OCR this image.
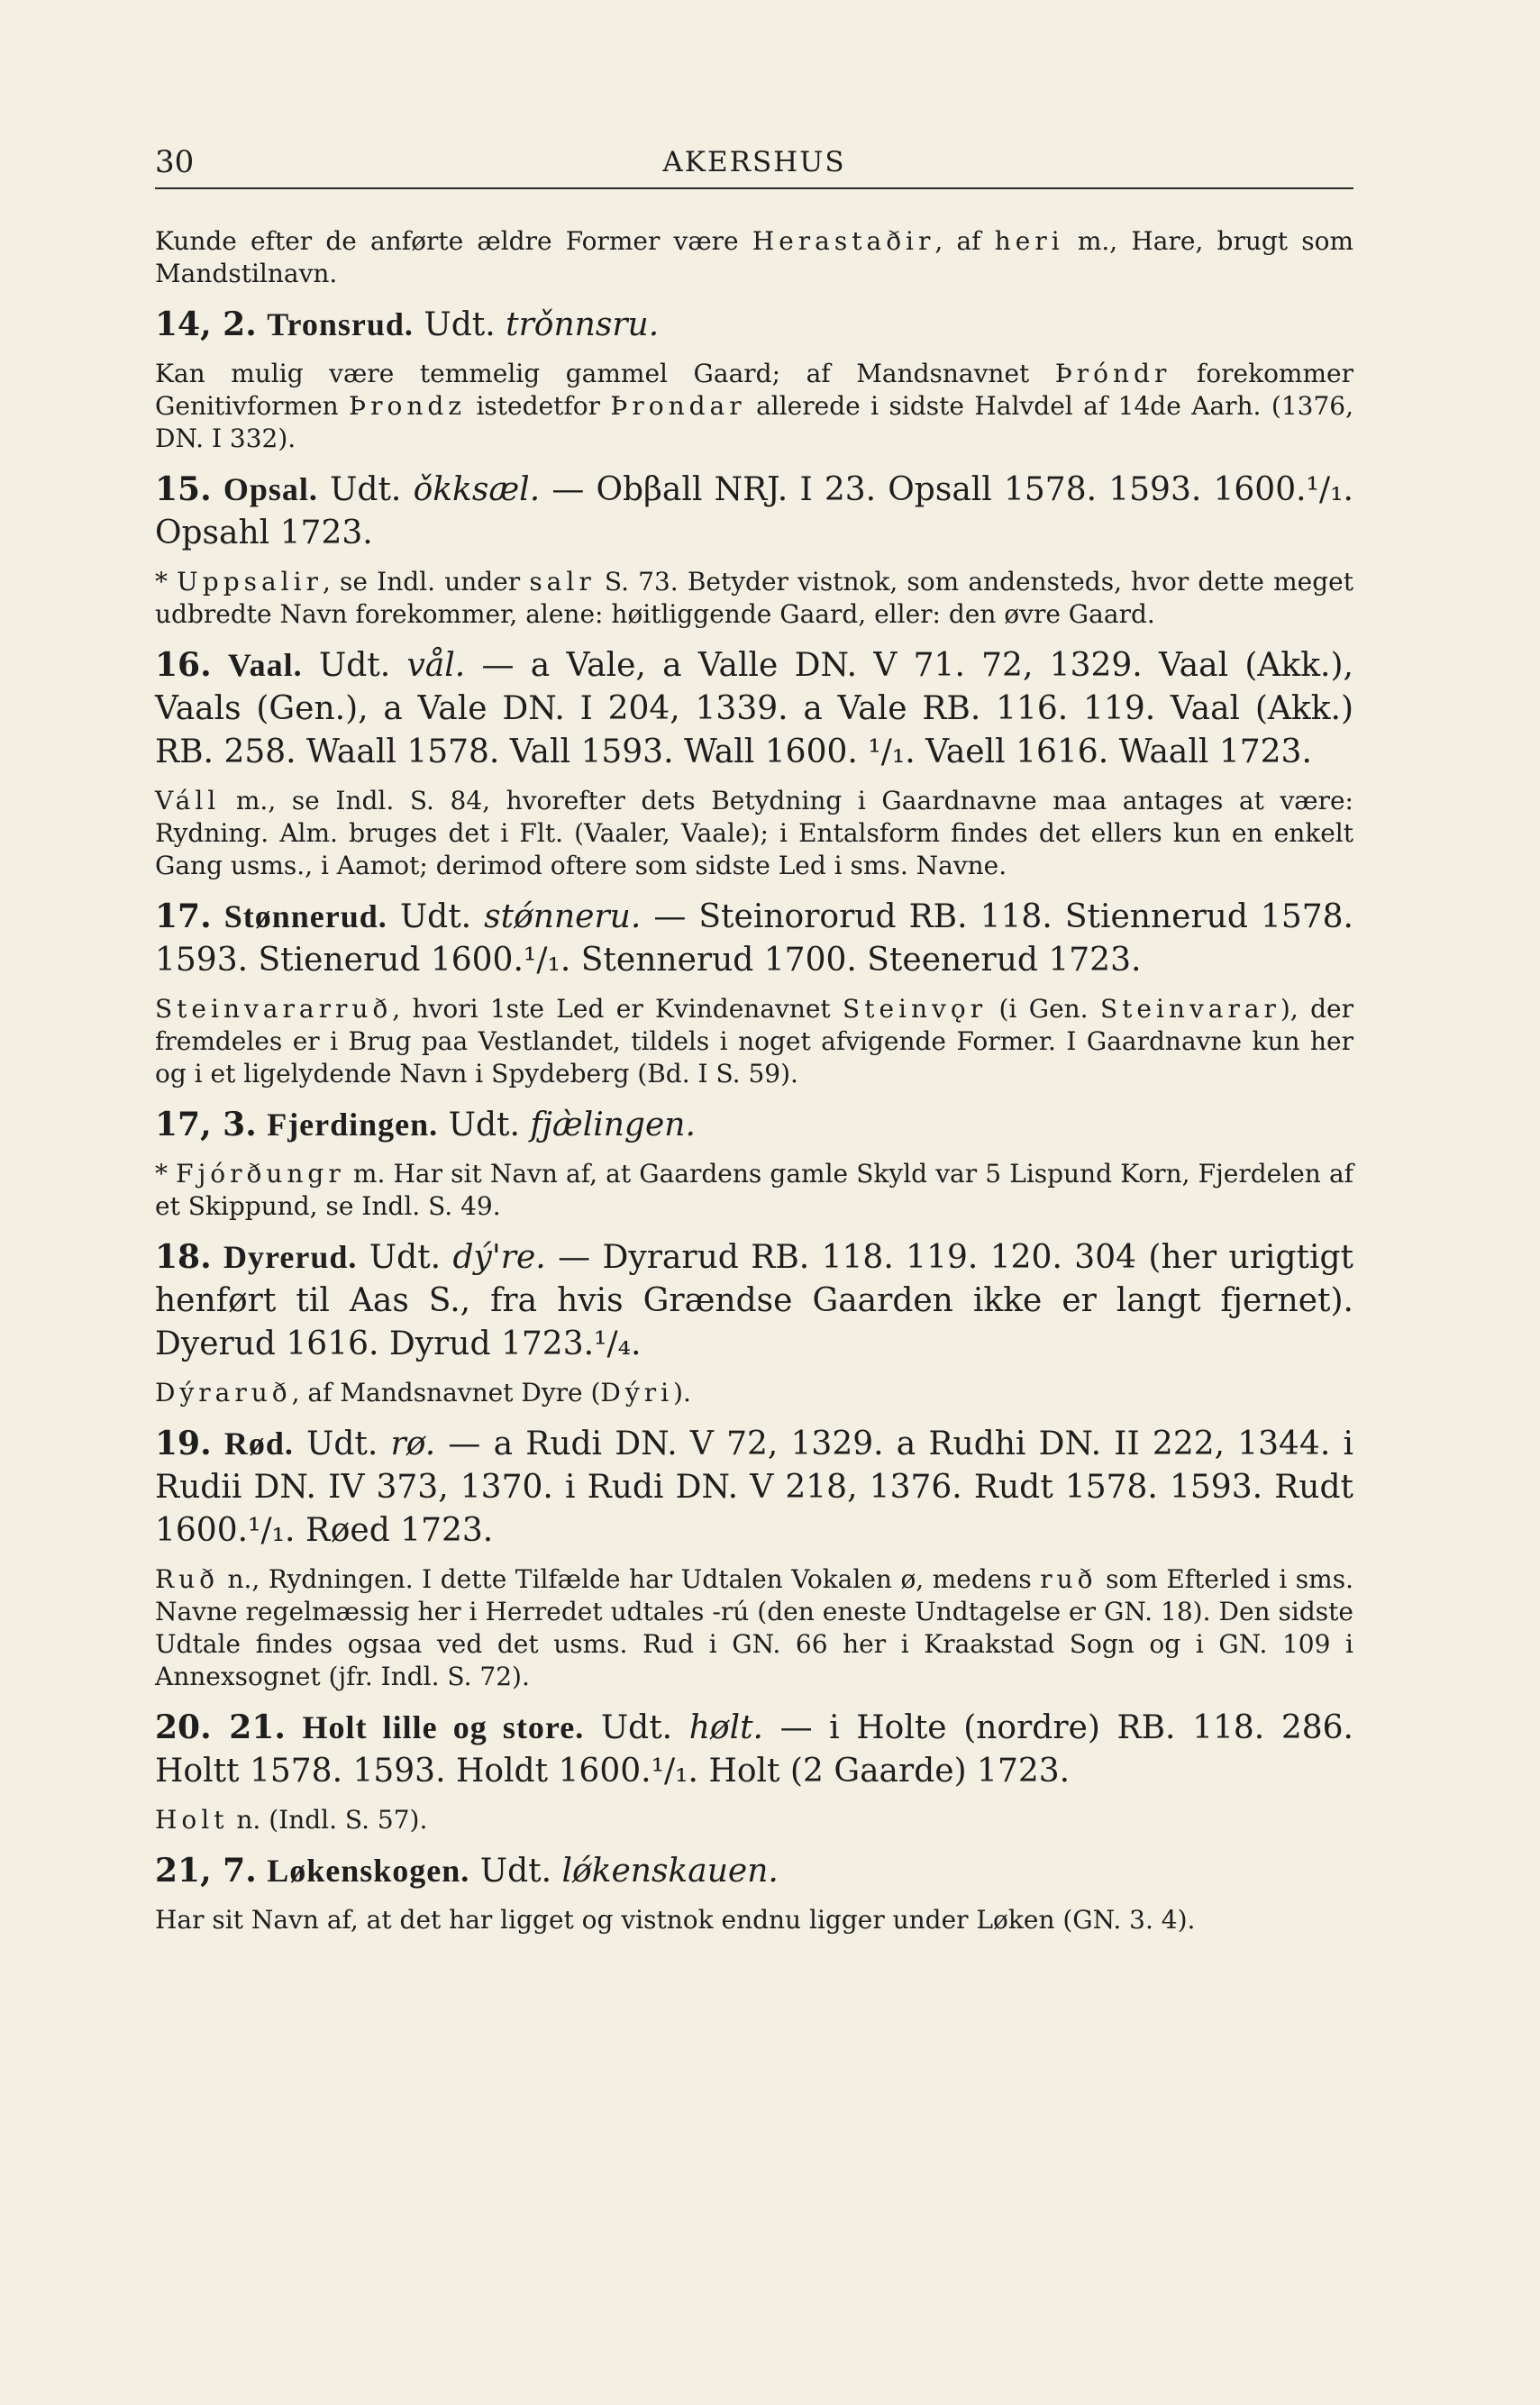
30	AKERSHUS

Kunde efter de anførte ældre Former være Herastaðir, af heri m., Hare, brugt som Mandstilnavn.

14, 2. Tronsrud. Udt. trǒnnsru.

Kan mulig være temmelig gammel Gaard; af Mandsnavnet Þróndr forekommer Genitivformen Þrondz istedetfor Þrondar allerede i sidste Halvdel af 14de Aarh. (1376, DN. I 332).

15. Opsal. Udt. ǒkksæl. — Obβall NRJ. I 23. Opsall 1578. 1593. 1600.¹/₁. Opsahl 1723.

* Uppsalir, se Indl. under salr S. 73. Betyder vistnok, som andensteds, hvor dette meget udbredte Navn forekommer, alene: høitliggende Gaard, eller: den øvre Gaard.

16. Vaal. Udt. vål. — a Vale, a Valle DN. V 71. 72, 1329. Vaal (Akk.), Vaals (Gen.), a Vale DN. I 204, 1339. a Vale RB. 116. 119. Vaal (Akk.) RB. 258. Waall 1578. Vall 1593. Wall 1600. ¹/₁. Vaell 1616. Waall 1723.

Váll m., se Indl. S. 84, hvorefter dets Betydning i Gaardnavne maa antages at være: Rydning. Alm. bruges det i Flt. (Vaaler, Vaale); i Entalsform findes det ellers kun en enkelt Gang usms., i Aamot; derimod oftere som sidste Led i sms. Navne.

17. Stønnerud. Udt. stǿnneru. — Steinororud RB. 118. Stiennerud 1578. 1593. Stienerud 1600.¹/₁. Stennerud 1700. Steenerud 1723.

Steinvararruð, hvori 1ste Led er Kvindenavnet Steinvǫr (i Gen. Steinvarar), der fremdeles er i Brug paa Vestlandet, tildels i noget afvigende Former. I Gaardnavne kun her og i et ligelydende Navn i Spydeberg (Bd. I S. 59).

17, 3. Fjerdingen. Udt. fjæ̀lingen.

* Fjórðungr m. Har sit Navn af, at Gaardens gamle Skyld var 5 Lispund Korn, Fjerdelen af et Skippund, se Indl. S. 49.

18. Dyrerud. Udt. dý're. — Dyrarud RB. 118. 119. 120. 304 (her urigtigt henført til Aas S., fra hvis Grændse Gaarden ikke er langt fjernet). Dyerud 1616. Dyrud 1723.¹/₄.

Dýraruð, af Mandsnavnet Dyre (Dýri).

19. Rød. Udt. rø. — a Rudi DN. V 72, 1329. a Rudhi DN. II 222, 1344. i Rudii DN. IV 373, 1370. i Rudi DN. V 218, 1376. Rudt 1578. 1593. Rudt 1600.¹/₁. Røed 1723.

Ruð n., Rydningen. I dette Tilfælde har Udtalen Vokalen ø, medens ruð som Efterled i sms. Navne regelmæssig her i Herredet udtales -rú (den eneste Undtagelse er GN. 18). Den sidste Udtale findes ogsaa ved det usms. Rud i GN. 66 her i Kraakstad Sogn og i GN. 109 i Annexsognet (jfr. Indl. S. 72).

20. 21. Holt lille og store. Udt. hølt. — i Holte (nordre) RB. 118. 286. Holtt 1578. 1593. Holdt 1600.¹/₁. Holt (2 Gaarde) 1723.

Holt n. (Indl. S. 57).

21, 7. Løkenskogen. Udt. lǿkenskauen.

Har sit Navn af, at det har ligget og vistnok endnu ligger under Løken (GN. 3. 4).
